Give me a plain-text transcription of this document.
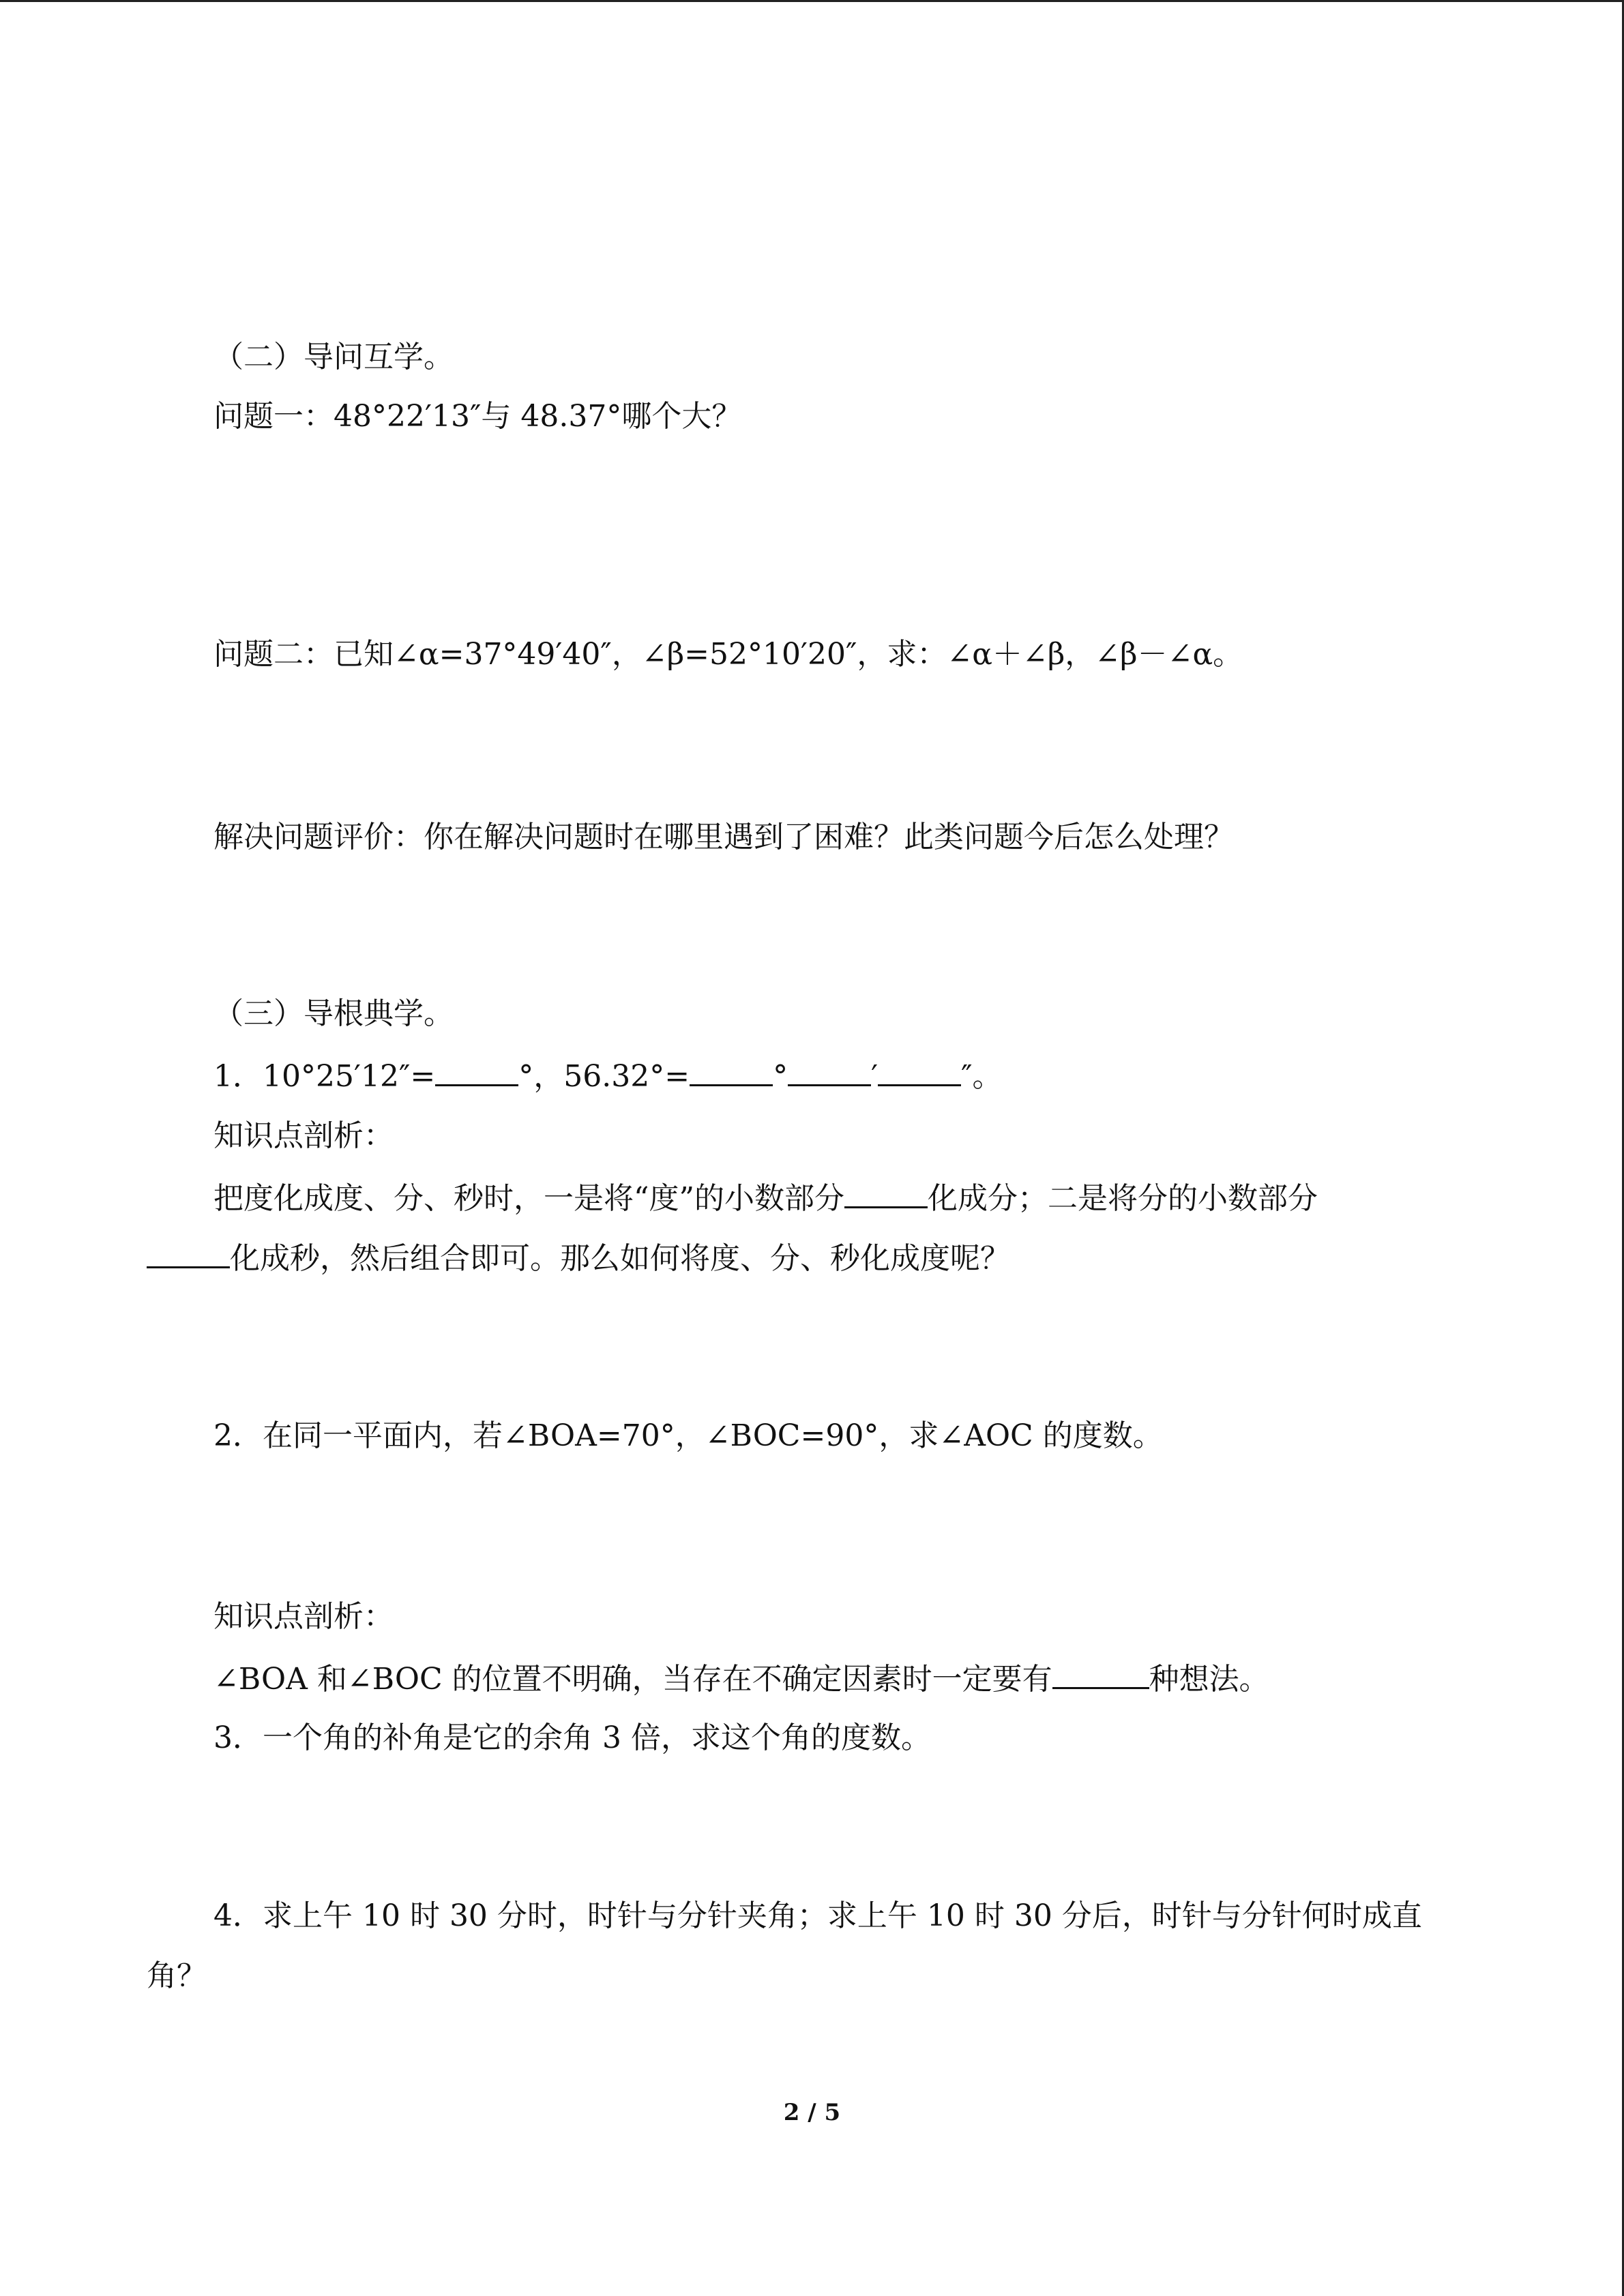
（二）导问互学。
问题一：48°22′13″与 48.37°哪个大？
问题二：已知∠α=37°49′40″，∠β=52°10′20″，求：∠α＋∠β，∠β－∠α。
解决问题评价：你在解决问题时在哪里遇到了困难？此类问题今后怎么处理？
（三）导根典学。
1．10°25′12″=	°，56.32°=	°	′	″。
知识点剖析：
把度化成度、分、秒时，一是将“度”的小数部分	化成分；二是将分的小数部分
化成秒，然后组合即可。那么如何将度、分、秒化成度呢？
2．在同一平面内，若∠BOA=70°，∠BOC=90°，求∠AOC 的度数。
知识点剖析：
∠BOA 和∠BOC 的位置不明确，当存在不确定因素时一定要有	种想法。
3．一个角的补角是它的余角 3 倍，求这个角的度数。
4．求上午 10 时 30 分时，时针与分针夹角；求上午 10 时 30 分后，时针与分针何时成直
角？
2 / 5
